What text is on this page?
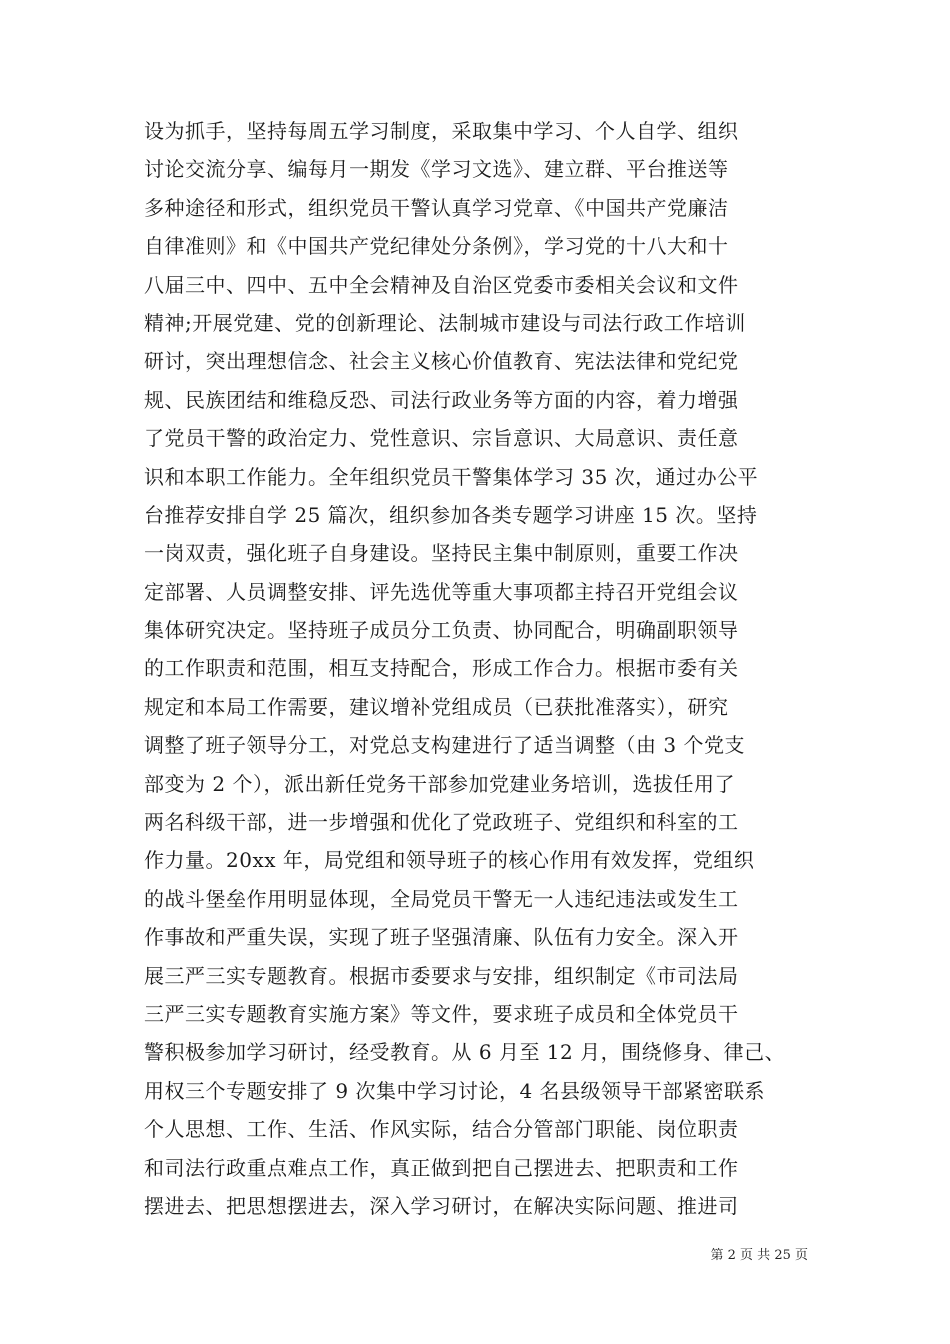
设为抓手，坚持每周五学习制度，采取集中学习、个人自学、组织
讨论交流分享、编每月一期发《学习文选》、建立群、平台推送等
多种途径和形式，组织党员干警认真学习党章、《中国共产党廉洁
自律准则》和《中国共产党纪律处分条例》，学习党的十八大和十
八届三中、四中、五中全会精神及自治区党委市委相关会议和文件
精神;开展党建、党的创新理论、法制城市建设与司法行政工作培训
研讨，突出理想信念、社会主义核心价值教育、宪法法律和党纪党
规、民族团结和维稳反恐、司法行政业务等方面的内容，着力增强
了党员干警的政治定力、党性意识、宗旨意识、大局意识、责任意
识和本职工作能力。全年组织党员干警集体学习 35 次，通过办公平
台推荐安排自学 25 篇次，组织参加各类专题学习讲座 15 次。坚持
一岗双责，强化班子自身建设。坚持民主集中制原则，重要工作决
定部署、人员调整安排、评先选优等重大事项都主持召开党组会议
集体研究决定。坚持班子成员分工负责、协同配合，明确副职领导
的工作职责和范围，相互支持配合，形成工作合力。根据市委有关
规定和本局工作需要，建议增补党组成员（已获批准落实），研究
调整了班子领导分工，对党总支构建进行了适当调整（由 3 个党支
部变为 2 个），派出新任党务干部参加党建业务培训，选拔任用了
两名科级干部，进一步增强和优化了党政班子、党组织和科室的工
作力量。20xx 年，局党组和领导班子的核心作用有效发挥，党组织
的战斗堡垒作用明显体现，全局党员干警无一人违纪违法或发生工
作事故和严重失误，实现了班子坚强清廉、队伍有力安全。深入开
展三严三实专题教育。根据市委要求与安排，组织制定《市司法局
三严三实专题教育实施方案》等文件，要求班子成员和全体党员干
警积极参加学习研讨，经受教育。从 6 月至 12 月，围绕修身、律己、
用权三个专题安排了 9 次集中学习讨论，4 名县级领导干部紧密联系
个人思想、工作、生活、作风实际，结合分管部门职能、岗位职责
和司法行政重点难点工作，真正做到把自己摆进去、把职责和工作
摆进去、把思想摆进去，深入学习研讨，在解决实际问题、推进司
第 2 页 共 25 页
